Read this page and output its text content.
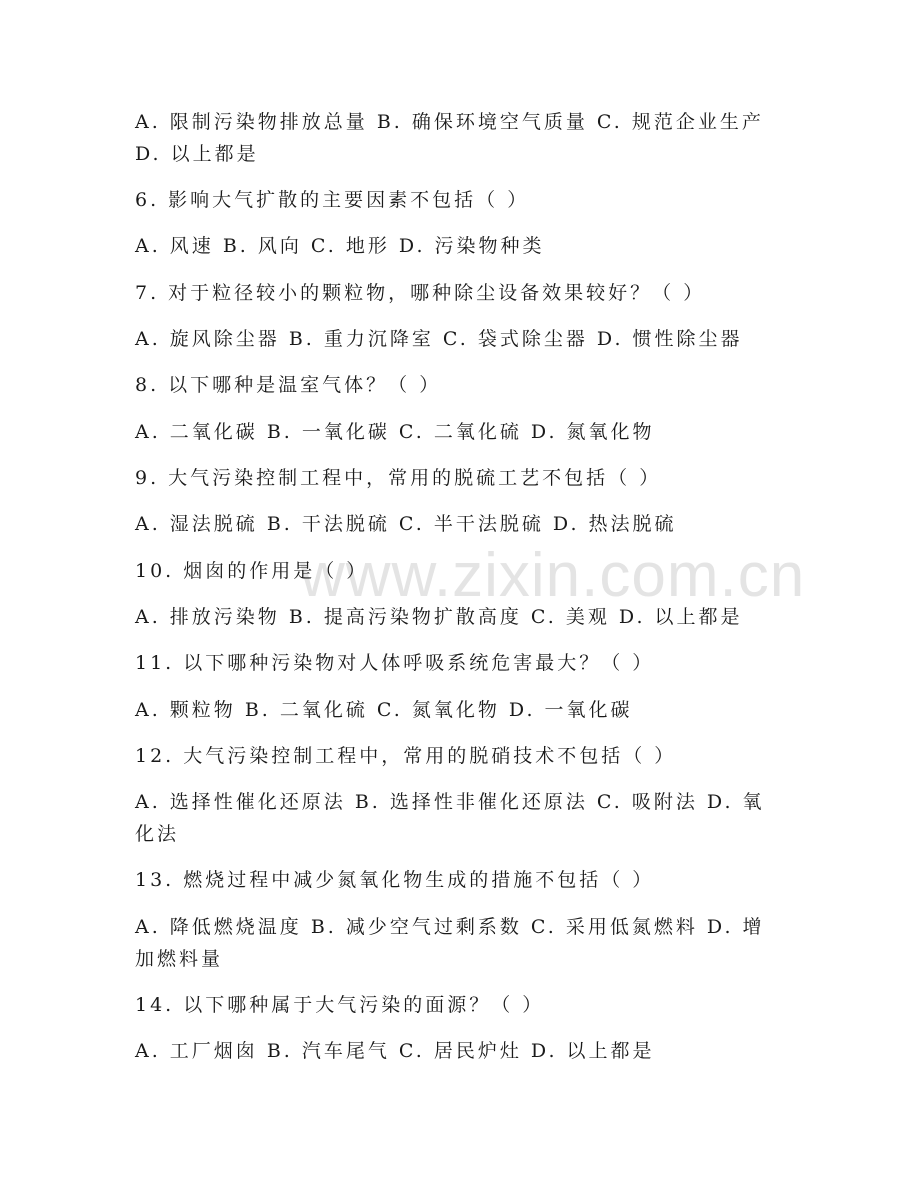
www.zixin.com.cn
A. 限制污染物排放总量 B. 确保环境空气质量 C. 规范企业生产
D. 以上都是
6. 影响大气扩散的主要因素不包括（ ）
A. 风速 B. 风向 C. 地形 D. 污染物种类
7. 对于粒径较小的颗粒物，哪种除尘设备效果较好？（ ）
A. 旋风除尘器 B. 重力沉降室 C. 袋式除尘器 D. 惯性除尘器
8. 以下哪种是温室气体？（ ）
A. 二氧化碳 B. 一氧化碳 C. 二氧化硫 D. 氮氧化物
9. 大气污染控制工程中，常用的脱硫工艺不包括（ ）
A. 湿法脱硫 B. 干法脱硫 C. 半干法脱硫 D. 热法脱硫
10. 烟囱的作用是（ ）
A. 排放污染物 B. 提高污染物扩散高度 C. 美观 D. 以上都是
11. 以下哪种污染物对人体呼吸系统危害最大？（ ）
A. 颗粒物 B. 二氧化硫 C. 氮氧化物 D. 一氧化碳
12. 大气污染控制工程中，常用的脱硝技术不包括（ ）
A. 选择性催化还原法 B. 选择性非催化还原法 C. 吸附法 D. 氧
化法
13. 燃烧过程中减少氮氧化物生成的措施不包括（ ）
A. 降低燃烧温度 B. 减少空气过剩系数 C. 采用低氮燃料 D. 增
加燃料量
14. 以下哪种属于大气污染的面源？（ ）
A. 工厂烟囱 B. 汽车尾气 C. 居民炉灶 D. 以上都是
